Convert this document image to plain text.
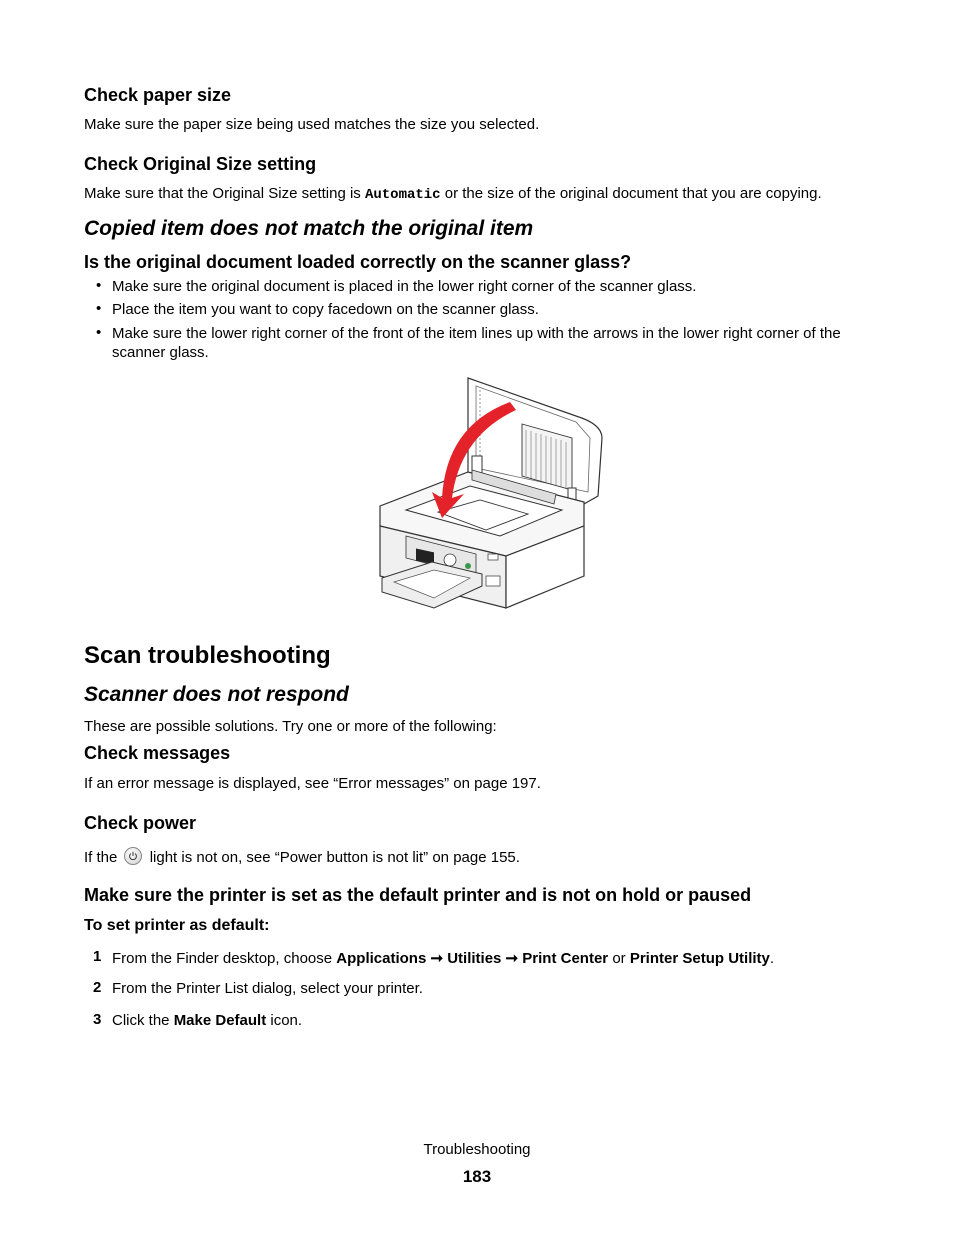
Check paper size
Make sure the paper size being used matches the size you selected.
Check Original Size setting
Make sure that the Original Size setting is Automatic or the size of the original document that you are copying.
Copied item does not match the original item
Is the original document loaded correctly on the scanner glass?
• Make sure the original document is placed in the lower right corner of the scanner glass.
• Place the item you want to copy facedown on the scanner glass.
• Make sure the lower right corner of the front of the item lines up with the arrows in the lower right corner of the
scanner glass.
Scan troubleshooting
Scanner does not respond
These are possible solutions. Try one or more of the following:
Check messages
If an error message is displayed, see “Error messages” on page 197.
Check power
If the light is not on, see “Power button is not lit” on page 155.
Make sure the printer is set as the default printer and is not on hold or paused
To set printer as default:
1 From the Finder desktop, choose Applications ➞ Utilities ➞ Print Center or Printer Setup Utility.
2 From the Printer List dialog, select your printer.
3 Click the Make Default icon.
Troubleshooting
183
